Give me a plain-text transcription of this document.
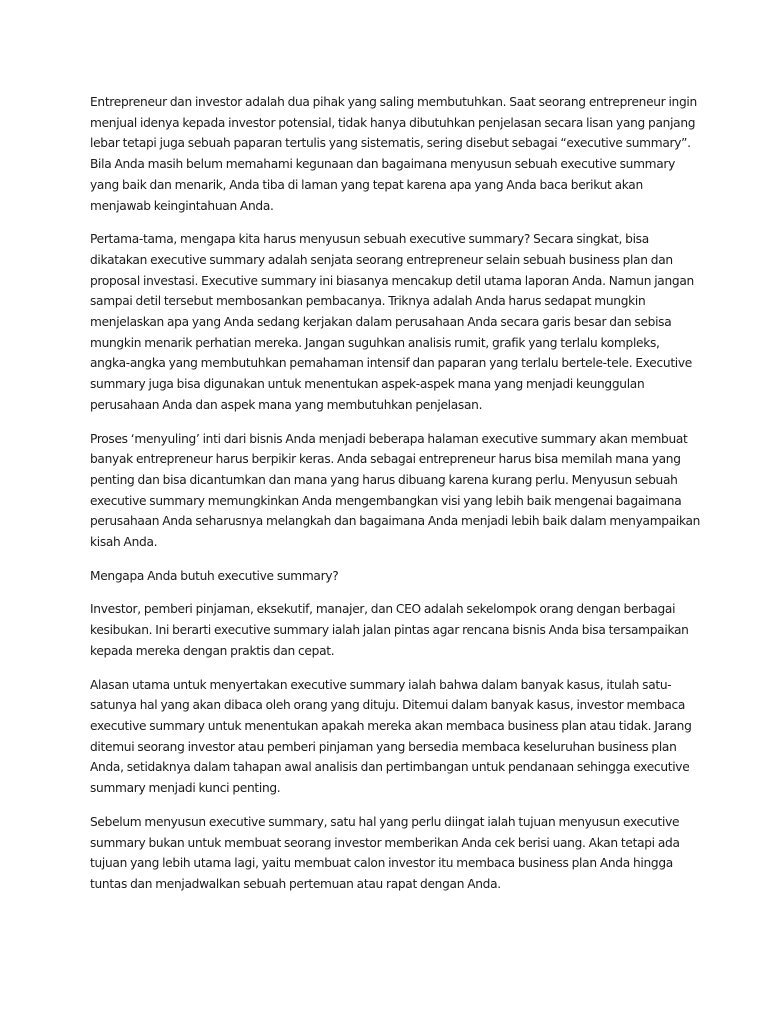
Entrepreneur dan investor adalah dua pihak yang saling membutuhkan. Saat seorang entrepreneur ingin
menjual idenya kepada investor potensial, tidak hanya dibutuhkan penjelasan secara lisan yang panjang
lebar tetapi juga sebuah paparan tertulis yang sistematis, sering disebut sebagai “executive summary”.
Bila Anda masih belum memahami kegunaan dan bagaimana menyusun sebuah executive summary
yang baik dan menarik, Anda tiba di laman yang tepat karena apa yang Anda baca berikut akan
menjawab keingintahuan Anda.

Pertama-tama, mengapa kita harus menyusun sebuah executive summary? Secara singkat, bisa
dikatakan executive summary adalah senjata seorang entrepreneur selain sebuah business plan dan
proposal investasi. Executive summary ini biasanya mencakup detil utama laporan Anda. Namun jangan
sampai detil tersebut membosankan pembacanya. Triknya adalah Anda harus sedapat mungkin
menjelaskan apa yang Anda sedang kerjakan dalam perusahaan Anda secara garis besar dan sebisa
mungkin menarik perhatian mereka. Jangan suguhkan analisis rumit, grafik yang terlalu kompleks,
angka-angka yang membutuhkan pemahaman intensif dan paparan yang terlalu bertele-tele. Executive
summary juga bisa digunakan untuk menentukan aspek-aspek mana yang menjadi keunggulan
perusahaan Anda dan aspek mana yang membutuhkan penjelasan.

Proses ‘menyuling’ inti dari bisnis Anda menjadi beberapa halaman executive summary akan membuat
banyak entrepreneur harus berpikir keras. Anda sebagai entrepreneur harus bisa memilah mana yang
penting dan bisa dicantumkan dan mana yang harus dibuang karena kurang perlu. Menyusun sebuah
executive summary memungkinkan Anda mengembangkan visi yang lebih baik mengenai bagaimana
perusahaan Anda seharusnya melangkah dan bagaimana Anda menjadi lebih baik dalam menyampaikan
kisah Anda.

Mengapa Anda butuh executive summary?

Investor, pemberi pinjaman, eksekutif, manajer, dan CEO adalah sekelompok orang dengan berbagai
kesibukan. Ini berarti executive summary ialah jalan pintas agar rencana bisnis Anda bisa tersampaikan
kepada mereka dengan praktis dan cepat.

Alasan utama untuk menyertakan executive summary ialah bahwa dalam banyak kasus, itulah satu-
satunya hal yang akan dibaca oleh orang yang dituju. Ditemui dalam banyak kasus, investor membaca
executive summary untuk menentukan apakah mereka akan membaca business plan atau tidak. Jarang
ditemui seorang investor atau pemberi pinjaman yang bersedia membaca keseluruhan business plan
Anda, setidaknya dalam tahapan awal analisis dan pertimbangan untuk pendanaan sehingga executive
summary menjadi kunci penting.

Sebelum menyusun executive summary, satu hal yang perlu diingat ialah tujuan menyusun executive
summary bukan untuk membuat seorang investor memberikan Anda cek berisi uang. Akan tetapi ada
tujuan yang lebih utama lagi, yaitu membuat calon investor itu membaca business plan Anda hingga
tuntas dan menjadwalkan sebuah pertemuan atau rapat dengan Anda.
